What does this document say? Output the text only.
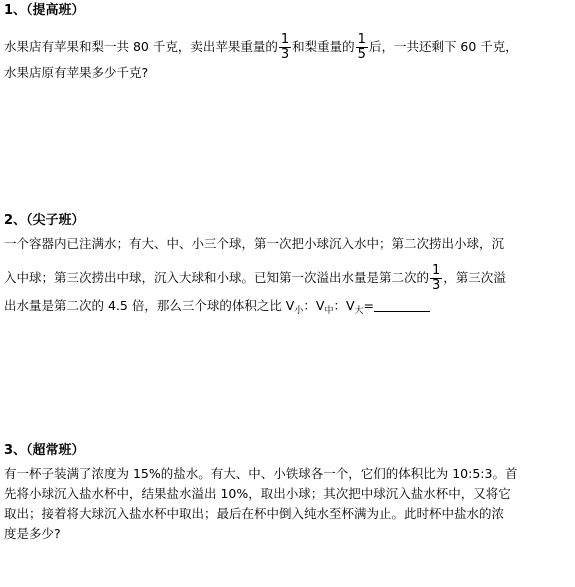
1、（提高班）
水果店有苹果和梨一共 80 千克，卖出苹果重量的 $\frac{1}{3}$ 和梨重量的 $\frac{1}{5}$ 后，一共还剩下 60 千克，
水果店原有苹果多少千克?
2、（尖子班）
一个容器内已注满水；有大、中、小三个球，第一次把小球沉入水中；第二次捞出小球，沉
入中球；第三次捞出中球，沉入大球和小球。已知第一次溢出水量是第二次的 $\frac{1}{3}$ ，第三次溢
出水量是第二次的 4.5 倍，那么三个球的体积之比 $V_小$：$V_中$：$V_大=$
3、（超常班）
有一杯子装满了浓度为 15%的盐水。有大、中、小铁球各一个，它们的体积比为 10:5:3。首
先将小球沉入盐水杯中，结果盐水溢出 10%，取出小球；其次把中球沉入盐水杯中，又将它
取出；接着将大球沉入盐水杯中取出；最后在杯中倒入纯水至杯满为止。此时杯中盐水的浓
度是多少?
